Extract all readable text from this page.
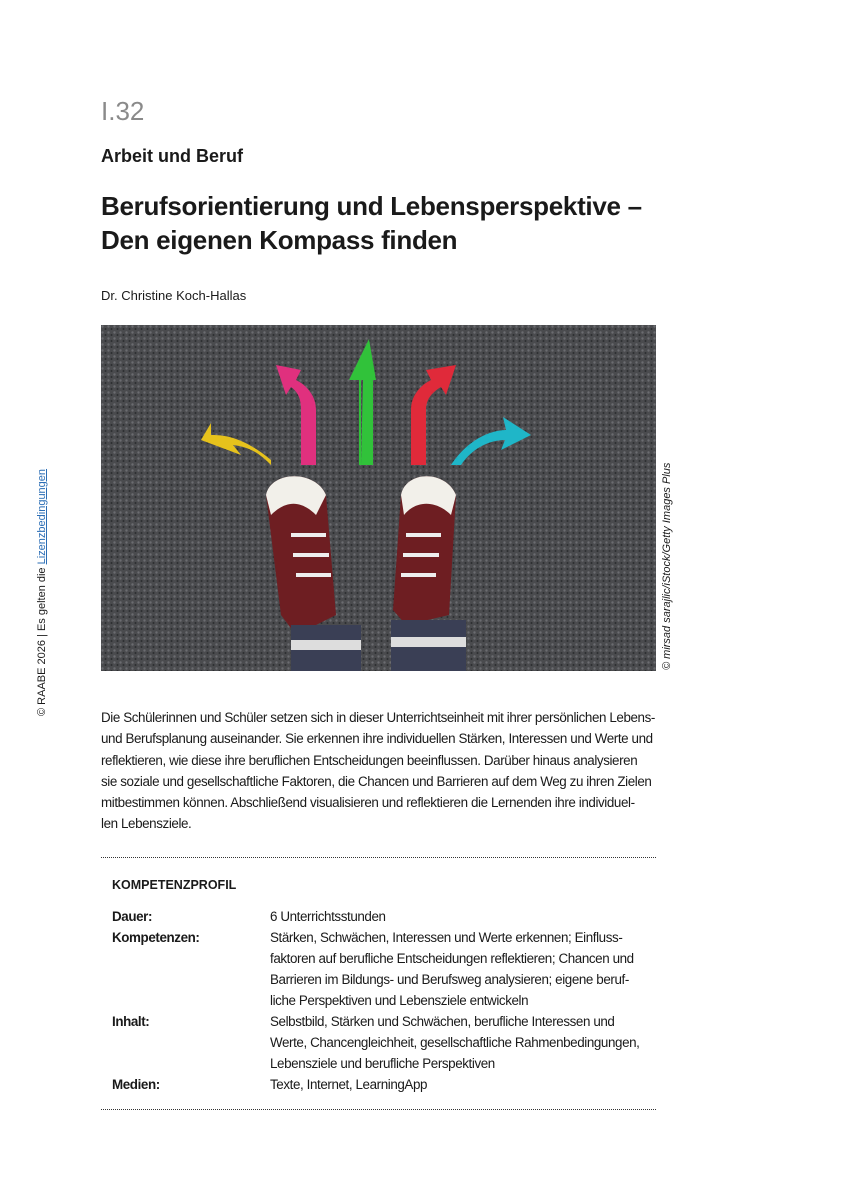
I.32
Arbeit und Beruf
Berufsorientierung und Lebensperspektive –
Den eigenen Kompass finden
Dr. Christine Koch-Hallas
© mirsad sarajlic/iStock/Getty Images Plus
© RAABE 2026 | Es gelten die Lizenzbedingungen
Die Schülerinnen und Schüler setzen sich in dieser Unterrichtseinheit mit ihrer persönlichen Lebens-
und Berufsplanung auseinander. Sie erkennen ihre individuellen Stärken, Interessen und Werte und
reflektieren, wie diese ihre beruflichen Entscheidungen beeinflussen. Darüber hinaus analysieren
sie soziale und gesellschaftliche Faktoren, die Chancen und Barrieren auf dem Weg zu ihren Zielen
mitbestimmen können. Abschließend visualisieren und reflektieren die Lernenden ihre individuel-
len Lebensziele.
KOMPETENZPROFIL
Dauer:	6 Unterrichtsstunden
Kompetenzen:	Stärken, Schwächen, Interessen und Werte erkennen; Einfluss-
faktoren auf berufliche Entscheidungen reflektieren; Chancen und
Barrieren im Bildungs- und Berufsweg analysieren; eigene beruf-
liche Perspektiven und Lebensziele entwickeln
Inhalt:	Selbstbild, Stärken und Schwächen, berufliche Interessen und
Werte, Chancengleichheit, gesellschaftliche Rahmenbedingungen,
Lebensziele und berufliche Perspektiven
Medien:	Texte, Internet, LearningApp
